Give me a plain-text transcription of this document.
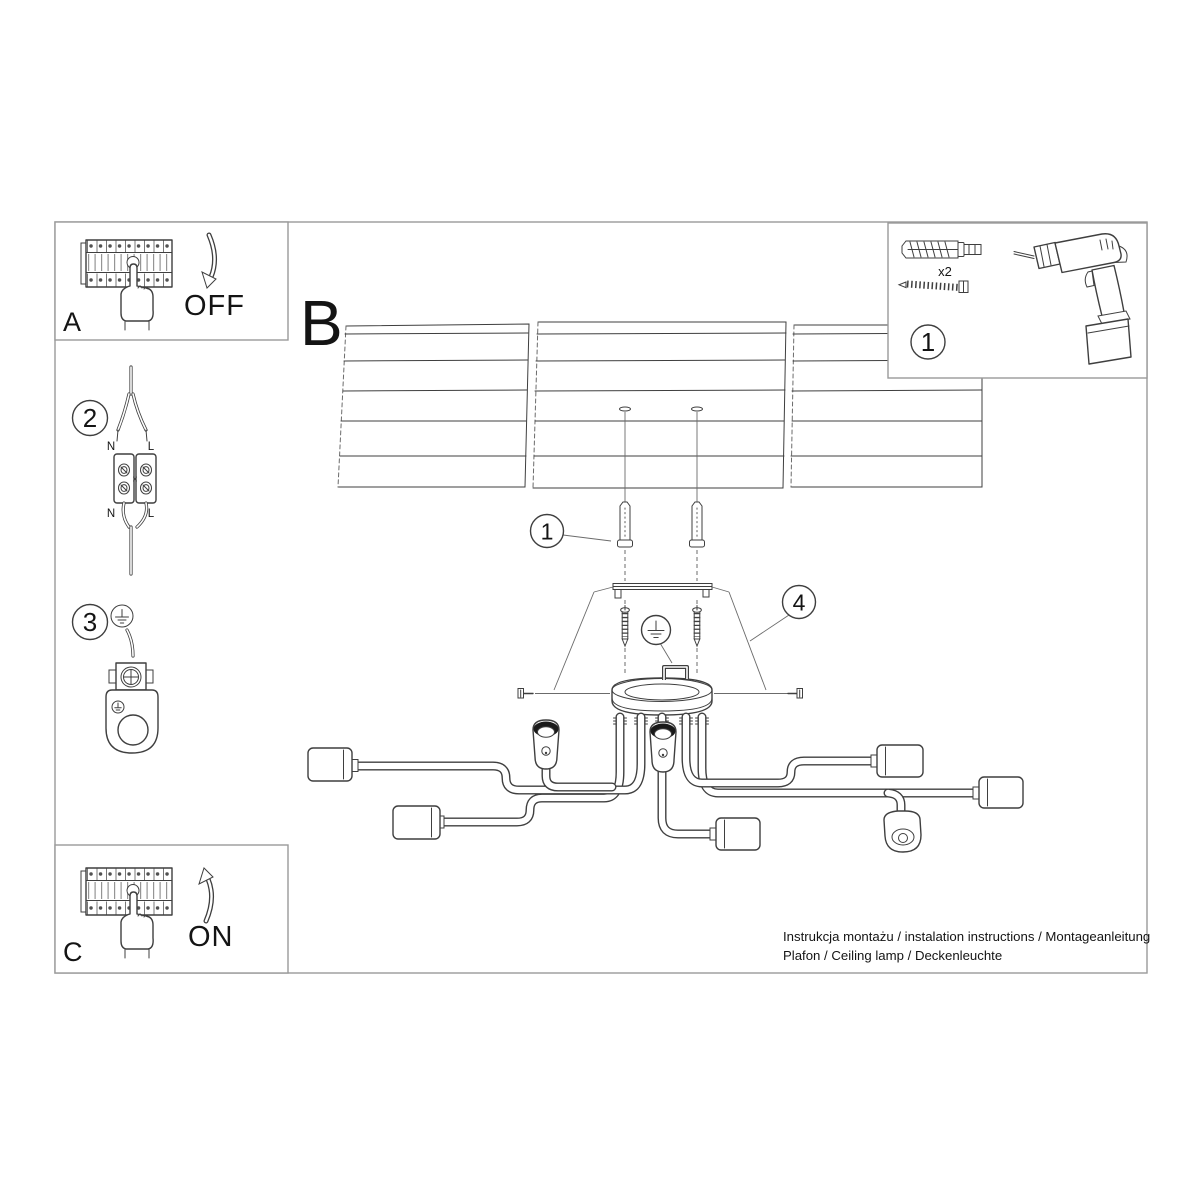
2
N	L
N	L
3
B
1
4
x2
1
OFF
A
ON
C
Instrukcja montażu / instalation instructions / Montageanleitung
Plafon / Ceiling lamp / Deckenleuchte
